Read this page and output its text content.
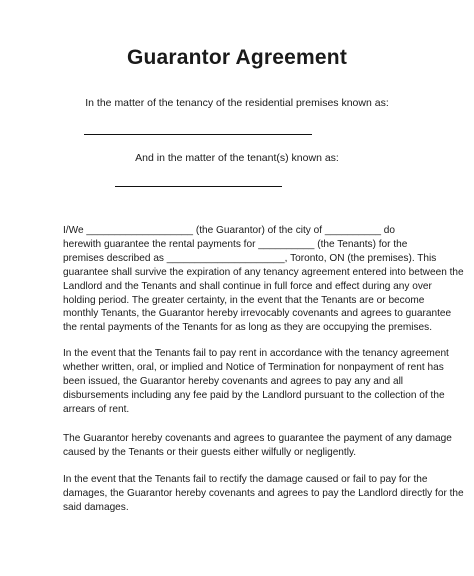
Guarantor Agreement
In the matter of the tenancy of the residential premises known as:
And in the matter of the tenant(s) known as:
I/We ___________________ (the Guarantor) of the city of __________ do
herewith guarantee the rental payments for __________ (the Tenants) for the
premises described as _____________________, Toronto, ON (the premises). This
guarantee shall survive the expiration of any tenancy agreement entered into between the
Landlord and the Tenants and shall continue in full force and effect during any over
holding period. The greater certainty, in the event that the Tenants are or become
monthly Tenants, the Guarantor hereby irrevocably covenants and agrees to guarantee
the rental payments of the Tenants for as long as they are occupying the premises.
In the event that the Tenants fail to pay rent in accordance with the tenancy agreement
whether written, oral, or implied and Notice of Termination for nonpayment of rent has
been issued, the Guarantor hereby covenants and agrees to pay any and all
disbursements including any fee paid by the Landlord pursuant to the collection of the
arrears of rent.
The Guarantor hereby covenants and agrees to guarantee the payment of any damage
caused by the Tenants or their guests either wilfully or negligently.
In the event that the Tenants fail to rectify the damage caused or fail to pay for the
damages, the Guarantor hereby covenants and agrees to pay the Landlord directly for the
said damages.
